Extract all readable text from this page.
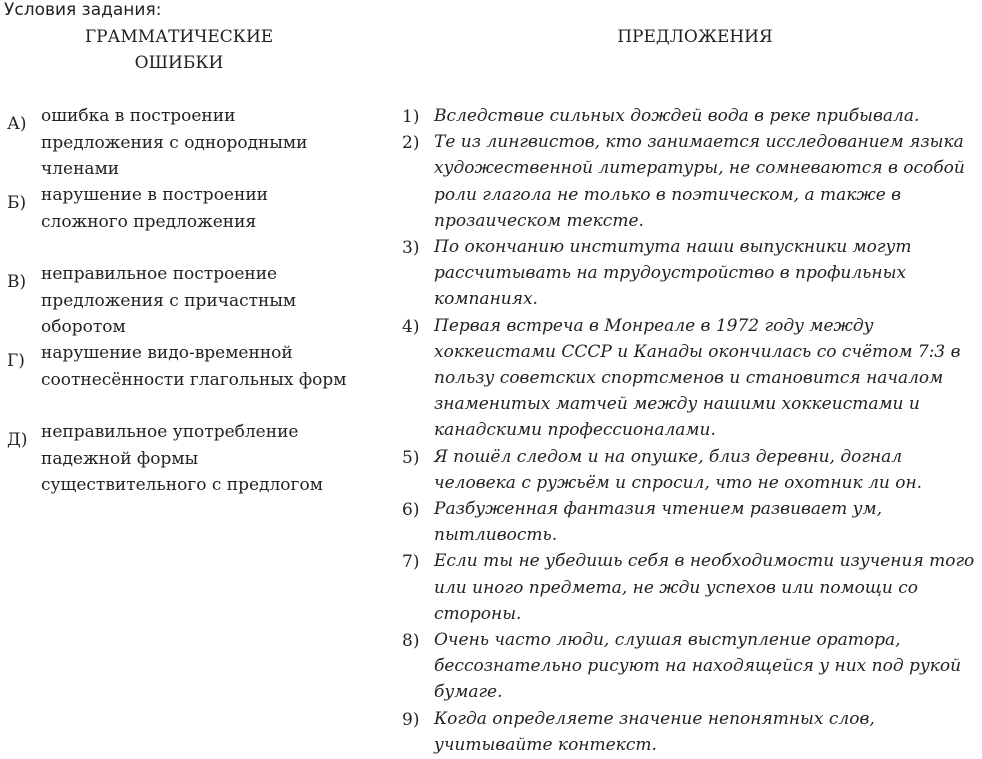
Условия задания:
ГРАММАТИЧЕСКИЕ ОШИБКИ
ПРЕДЛОЖЕНИЯ
А) ошибка в построении предложения с однородными членами
Б) нарушение в построении сложного предложения
В) неправильное построение предложения с причастным оборотом
Г) нарушение видо-временной соотнесённости глагольных форм
Д) неправильное употребление падежной формы существительного с предлогом
1) Вследствие сильных дождей вода в реке прибывала.
2) Те из лингвистов, кто занимается исследованием языка художественной литературы, не сомневаются в особой роли глагола не только в поэтическом, а также в прозаическом тексте.
3) По окончанию института наши выпускники могут рассчитывать на трудоустройство в профильных компаниях.
4) Первая встреча в Монреале в 1972 году между хоккеистами СССР и Канады окончилась со счётом 7:3 в пользу советских спортсменов и становится началом знаменитых матчей между нашими хоккеистами и канадскими профессионалами.
5) Я пошёл следом и на опушке, близ деревни, догнал человека с ружьём и спросил, что не охотник ли он.
6) Разбуженная фантазия чтением развивает ум, пытливость.
7) Если ты не убедишь себя в необходимости изучения того или иного предмета, не жди успехов или помощи со стороны.
8) Очень часто люди, слушая выступление оратора, бессознательно рисуют на находящейся у них под рукой бумаге.
9) Когда определяете значение непонятных слов, учитывайте контекст.
